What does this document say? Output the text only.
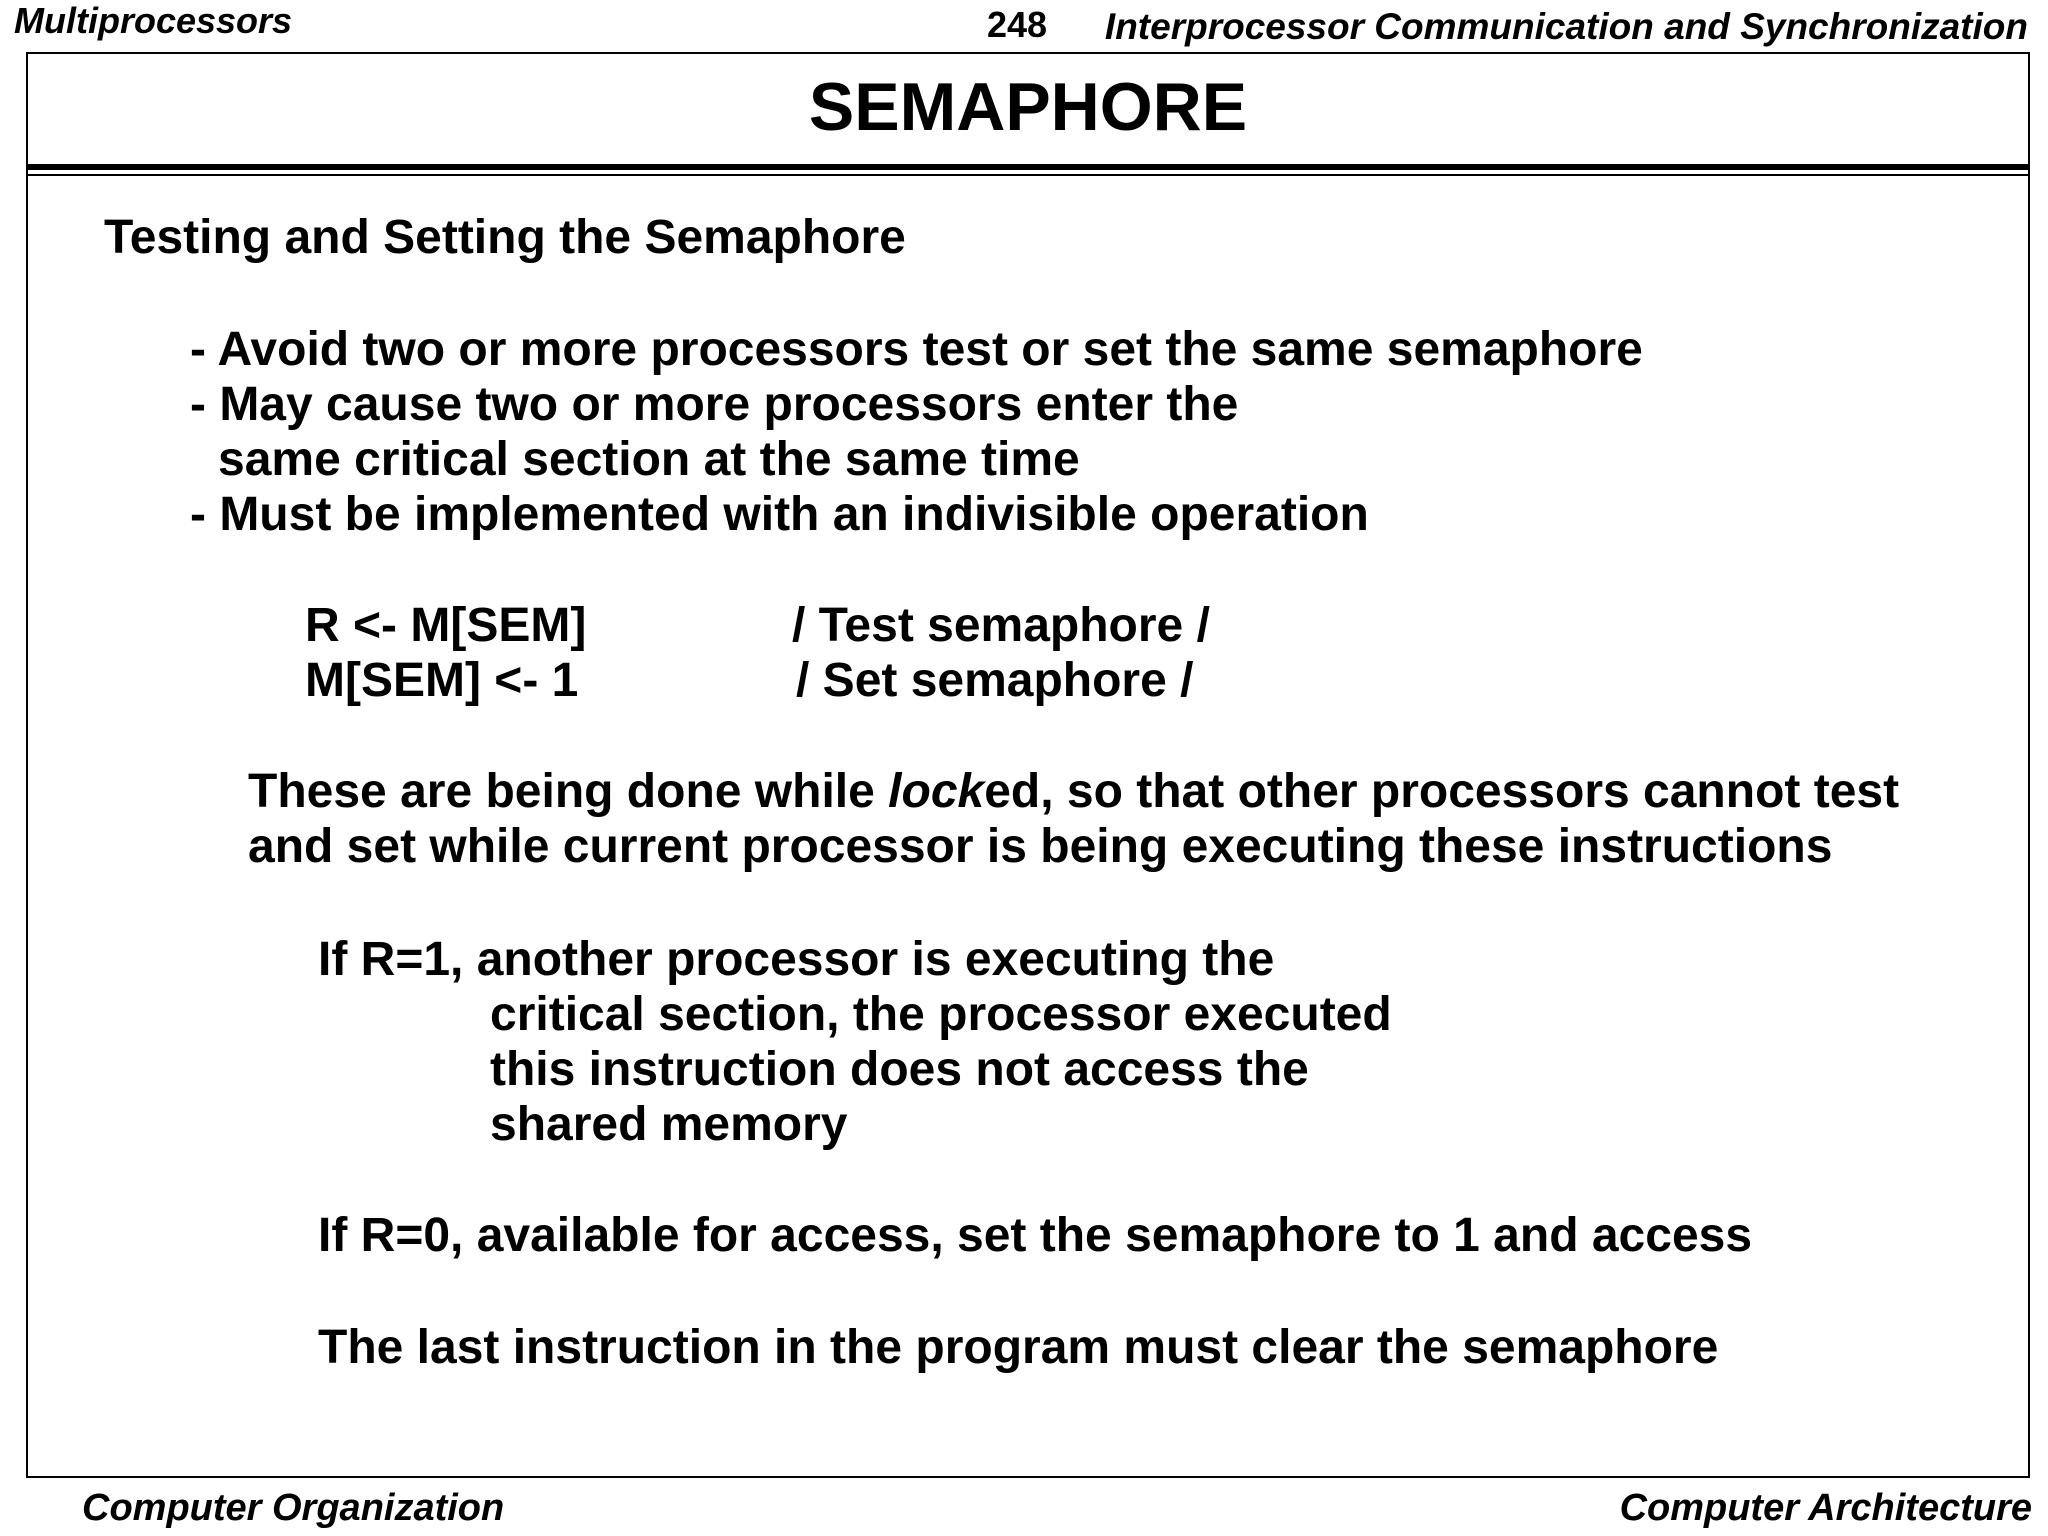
Multiprocessors	248 Interprocessor Communication and Synchronization
SEMAPHORE
Testing and Setting the Semaphore
- Avoid two or more processors test or set the same semaphore
- May cause two or more processors enter the
same critical section at the same time
- Must be implemented with an indivisible operation
R <- M[SEM]	/ Test semaphore /
M[SEM] <- 1	/ Set semaphore /
These are being done while locked, so that other processors cannot test
and set while current processor is being executing these instructions
If R=1, another processor is executing the
critical section, the processor executed
this instruction does not access the
shared memory
If R=0, available for access, set the semaphore to 1 and access
The last instruction in the program must clear the semaphore
Computer Organization	Computer Architecture
